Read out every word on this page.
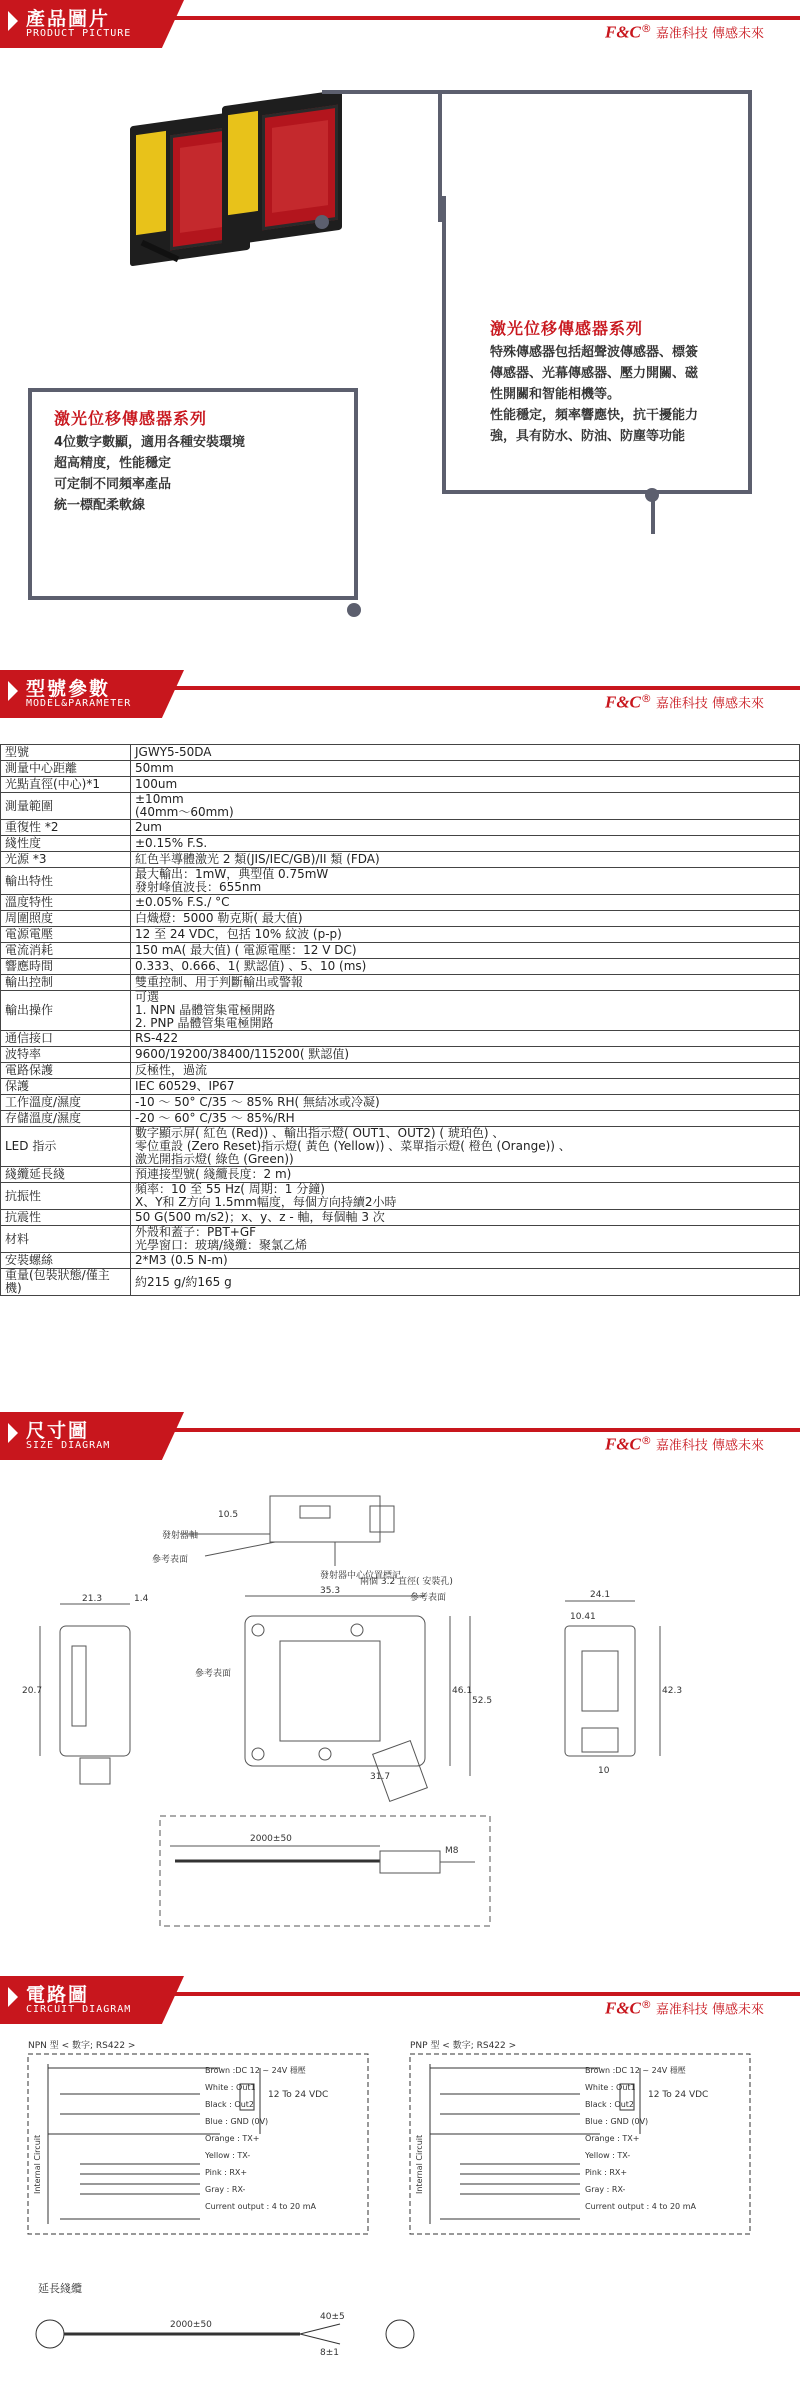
產品圖片
PRODUCT PICTURE	F&C® 嘉准科技 傳感未來
激光位移傳感器系列
特殊傳感器包括超聲波傳感器、標簽
傳感器、光幕傳感器、壓力開關、磁
性開關和智能相機等。
性能穩定，頻率響應快，抗干擾能力
強，具有防水、防油、防塵等功能
激光位移傳感器系列
4位數字數顯，適用各種安裝環境
超高精度，性能穩定
可定制不同頻率產品
統一標配柔軟線
型號參數
MODEL&PARAMETER	F&C® 嘉准科技 傳感未來
型號	JGWY5-50DA
測量中心距離	50mm
光點直徑(中心)*1	100um
測量範圍	±10mm
(40mm～60mm)
重復性 *2	2um
綫性度	±0.15% F.S.
光源 *3	紅色半導體激光 2 類(JIS/IEC/GB)/II 類 (FDA)
輸出特性	最大輸出：1mW，典型值 0.75mW
發射峰值波長：655nm
溫度特性	±0.05% F.S./ °C
周圍照度	白熾燈：5000 勒克斯( 最大值)
電源電壓	12 至 24 VDC，包括 10% 紋波 (p-p)
電流消耗	150 mA( 最大值) ( 電源電壓：12 V DC)
響應時間	0.333、0.666、1( 默認值) 、5、10 (ms)
輸出控制	雙重控制、用于判斷輸出或警報
輸出操作	可選
1. NPN 晶體管集電極開路
2. PNP 晶體管集電極開路
通信接口	RS-422
波特率	9600/19200/38400/115200( 默認值)
電路保護	反極性，過流
保護	IEC 60529、IP67
工作溫度/濕度	-10 ～ 50° C/35 ～ 85% RH( 無結冰或冷凝)
存儲溫度/濕度	-20 ～ 60° C/35 ～ 85%/RH
LED 指示	數字顯示屏( 紅色 (Red)) 、輸出指示燈( OUT1、OUT2) ( 琥珀色) 、
零位重設 (Zero Reset)指示燈( 黃色 (Yellow)) 、菜單指示燈( 橙色 (Orange)) 、
激光開指示燈( 綠色 (Green))
綫纜延長綫	預連接型號( 綫纜長度：2 m)
抗振性	頻率：10 至 55 Hz( 周期：1 分鐘)
X、Y和 Z方向 1.5mm幅度，每個方向持續2小時
抗震性	50 G(500 m/s2)；x、y、z - 軸，每個軸 3 次
材料	外殼和蓋子：PBT+GF
光學窗口：玻璃/綫纜：聚氯乙烯
安裝螺絲	2*M3 (0.5 N-m)
重量(包裝狀態/僅主機)	約215 g/約165 g
尺寸圖
SIZE DIAGRAM	F&C® 嘉准科技 傳感未來
發射器軸
參考表面
發射器中心位置標記
參考表面
兩個 3.2 直徑( 安裝孔)
參考表面
21.3	1.4
35.3	24.1
10.41
46.1
52.5
42.3
20.7
31.7
10.5
2000±50
M8
10
電路圖
CIRCUIT DIAGRAM	F&C® 嘉准科技 傳感未來
Internal Circuit	Internal Circuit
NPN 型 < 數字; RS422 >	PNP 型 < 數字; RS422 >
12 To 24 VDC	12 To 24 VDC
Brown :DC 12 ~ 24V 穩壓
White : Out1
Black : Out2
Blue : GND (0V)
Orange : TX+
Yellow : TX-
Pink : RX+
Gray : RX-
Current output : 4 to 20 mA
Brown :DC 12 ~ 24V 穩壓
White : Out1
Black : Out2
Blue : GND (0V)
Orange : TX+
Yellow : TX-
Pink : RX+
Gray : RX-
Current output : 4 to 20 mA
延長綫纜
2000±50
40±5
8±1
